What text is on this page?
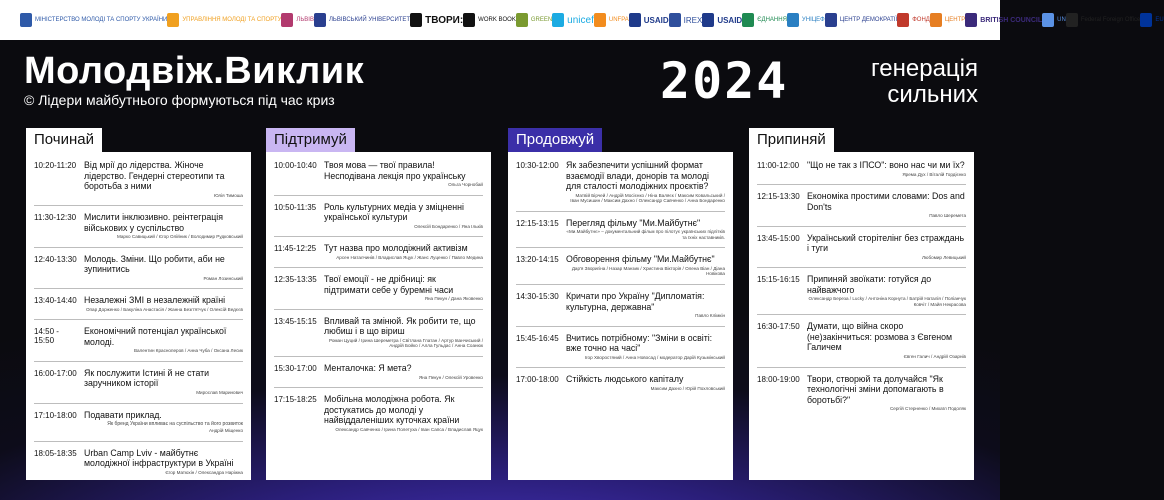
МІНІСТЕРСТВО МОЛОДІ ТА СПОРТУ УКРАЇНИ	УПРАВЛІННЯ МОЛОДІ ТА СПОРТУ	ЛЬВІВ	ЛЬВІВСЬКИЙ УНІВЕРСИТЕТ ТВОРИ:	WORK BOOK	GREEN unicef	UNFPA USAID IREX USAID	ЄДНАННЯ	УНІЦЕФ	ЦЕНТР ДЕМОКРАТІЇ	ФОНД	ЦЕНТР BRITISH COUNCIL	UN	Federal Foreign Office	EU
Молодвіж.Виклик
© Лідери майбутнього формуються під час криз	2024	генерація
сильних
Починай
10:20-11:20 Від мрії до лідерства. Жіноче лідерство. Гендерні стереотипи та боротьба з ними
Юлія Тимоша
11:30-12:30 Мислити інклюзивно. реінтеграція військових у суспільство
Марко Савицький / Єгор Олійник / Володимир Рудковський
12:40-13:30 Молодь. Зміни. Що робити, аби не зупинитись
Роман Лозинський
13:40-14:40 Незалежні ЗМІ в незалежній країні
Опар Дорженко / Бакуліна Анастасія / Жанна Безп'ятчук / Олексій Ведєєв
14:50 - 15:50
Економічний потенціал української молоді.
Валентин Красноперов / Анна Чуба / Оксана Лесик
16:00-17:00 Як послужити Істині й не стати заручником історії
Мирослав Маринович
17:10-18:00 Подавати приклад.
Як бренд України впливає на суспільство та його розвиток
Андрій Міщенко
18:05-18:35 Urban Camp Lviv - майбутнє молодіжної інфраструктури в Україні
Єгор Матюхін / Олександра Наріжна
Підтримуй
10:00-10:40 Твоя мова — твої правила! Несподівана лекція про українську
Ольга Чорнобай
10:50-11:35 Роль культурних медіа у зміцненні української культури
Олексій Бондаренко / Яна Ільків
11:45-12:25 Тут назва про молодіжний активізм
Арсен Наталчинів / Владислав Яцук / Жанс Луценко / Павло Медина
12:35-13:35 Твої емоції - не дрібниці: як підтримати себе у буремні часи
Яна Пекун / Дана Яковенко
13:45-15:15 Впливай та змінюй. Як робити те, що любиш і в що віриш
Роман Цуций / Ірина Шереметра / Світлана Глатан / Артур Іванчиський / Андрій Бойко / Алла Гульдас / Анна Соанюк
15:30-17:00 Менталочка: Я мета?
Яна Пекун / Олексій Уровенко
17:15-18:25 Мобільна молодіжна робота. Як достукатись до молоді у найвіддаленіших куточках країни
Олександр Савченко / Ірина Полетуха / Іван Сапса / Владислав Яцук
Продовжуй
10:30-12:00 Як забезпечити успішний формат взаємодії влади, донорів та молоді для сталості молодіжних проєктів?
Матвій Бірчей / Андрій Мосієнко / Ніна Валяєк / Максим Ковальський / Іван Мусишин / Максим Дахно / Олександр Савченко / Анна Бондаренко
12:15-13:15 Перегляд фільму "Ми.Майбутнє"
«Ми.Майбутнє» – документальний фільм про пілотує українських підлітків та їхніх наставників.
13:20-14:15 Обговорення фільму "Ми.Майбутнє"
Дар'я Зворигіна / Назар Манзик / Христина Вікторія / Олена Віан / Діана Новікова
14:30-15:30 Кричати про Україну "Дипломатія: культурна, державна"
Павло Клімкін
15:45-16:45 Вчитись потрібному: "Зміни в освіті: вже точно на часі"
Ігор Хворостяний / Анна Новосад / модератор Дарій Кузьмінський
17:00-18:00 Стійкість людського капіталу
Максим Дахно / Юрій Похловський
Припиняй
11:00-12:00 "Що не так з ІПСО": воно нас чи ми їх?
Ярема Дух / Віталій Гордієнко
12:15-13:30 Економіка простими словами: Dos and Don'ts
Павло Шеремета
13:45-15:00 Український сторітелінг без страждань і туги
Любомир Левицький
15:15-16:15 Припиняй звоїкати: готуйся до найважчого
Олександр Береза / Lucky / Антоніна Корнута / Батрій Наталія / Поліанчук Ковчіт / Майя Некрасова
16:30-17:50 Думати, що війна скоро (не)закінчиться: розмова з Євгеном Галичем
Євген Галич / Андрій Озарнів
18:00-19:00 Твори, створюй та долучайся "Як технологічні зміни допомагають в боротьбі?"
Сергій Стерненко / Михаїл Подоляк
